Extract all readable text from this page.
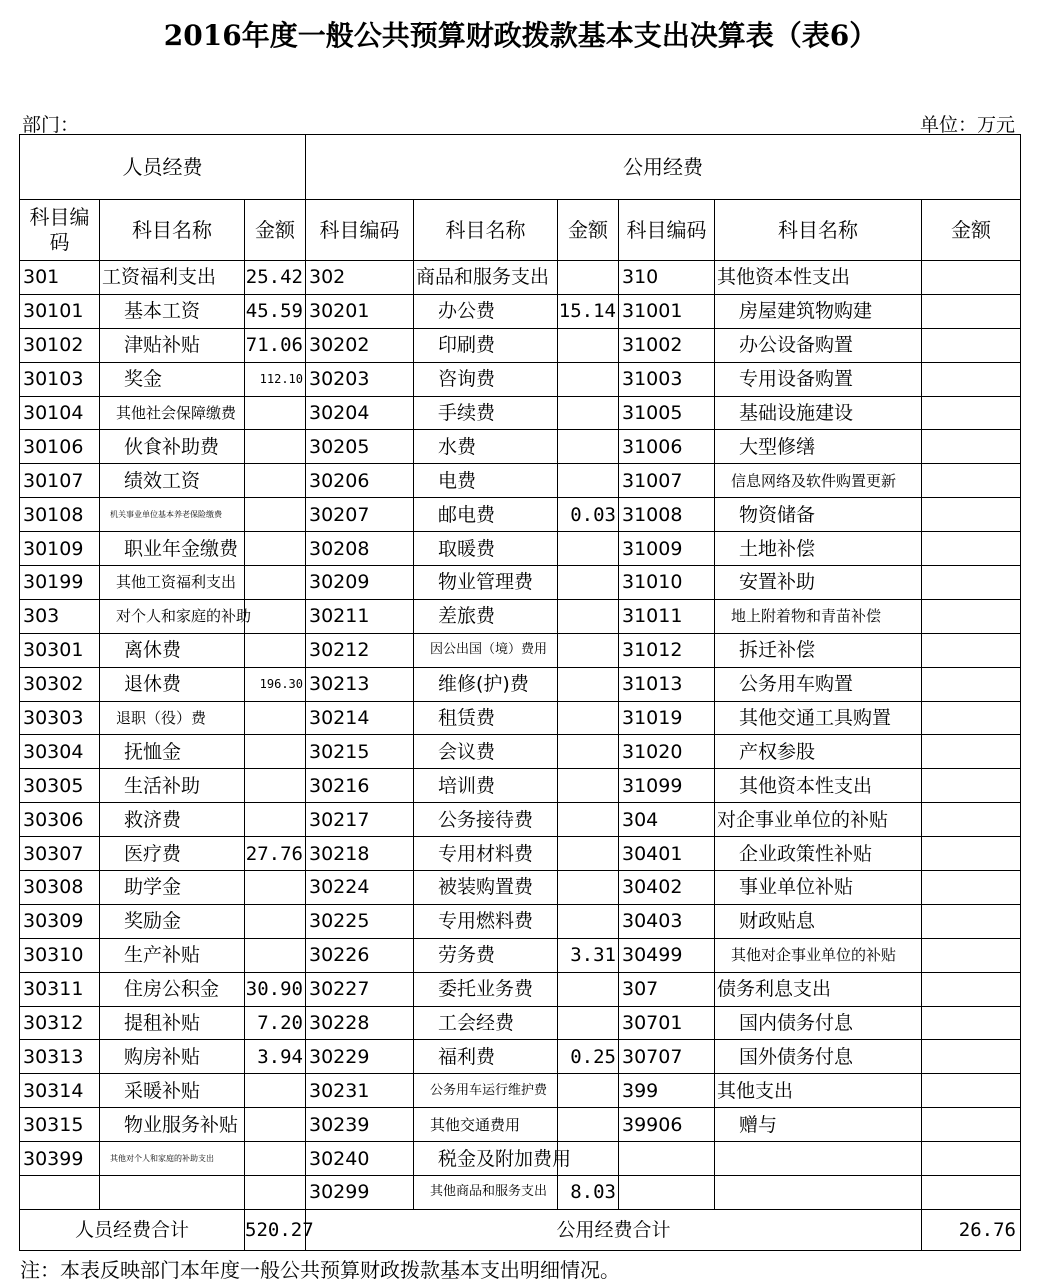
2016年度一般公共预算财政拨款基本支出决算表（表6）
部门：	单位：万元
人员经费			公用经费					
科目编码	科目名称	金额	科目编码	科目名称	金额	科目编码	科目名称	金额
301	工资福利支出	25.42	302	商品和服务支出		310	其他资本性支出	
30101	基本工资	45.59	30201	办公费	15.14	31001	房屋建筑物购建	
30102	津贴补贴	71.06	30202	印刷费		31002	办公设备购置	
30103	奖金	112.10	30203	咨询费		31003	专用设备购置	
30104	其他社会保障缴费		30204	手续费		31005	基础设施建设	
30106	伙食补助费		30205	水费		31006	大型修缮	
30107	绩效工资		30206	电费		31007	信息网络及软件购置更新	
30108	机关事业单位基本养老保险缴费		30207	邮电费	0.03	31008	物资储备	
30109	职业年金缴费		30208	取暖费		31009	土地补偿	
30199	其他工资福利支出		30209	物业管理费		31010	安置补助	
303	对个人和家庭的补助		30211	差旅费		31011	地上附着物和青苗补偿	
30301	离休费		30212	因公出国（境）费用		31012	拆迁补偿	
30302	退休费	196.30	30213	维修(护)费		31013	公务用车购置	
30303	退职（役）费		30214	租赁费		31019	其他交通工具购置	
30304	抚恤金		30215	会议费		31020	产权参股	
30305	生活补助		30216	培训费		31099	其他资本性支出	
30306	救济费		30217	公务接待费		304	对企事业单位的补贴	
30307	医疗费	27.76	30218	专用材料费		30401	企业政策性补贴	
30308	助学金		30224	被装购置费		30402	事业单位补贴	
30309	奖励金		30225	专用燃料费		30403	财政贴息	
30310	生产补贴		30226	劳务费	3.31	30499	其他对企事业单位的补贴	
30311	住房公积金	30.90	30227	委托业务费		307	债务利息支出	
30312	提租补贴	7.20	30228	工会经费		30701	国内债务付息	
30313	购房补贴	3.94	30229	福利费	0.25	30707	国外债务付息	
30314	采暖补贴		30231	公务用车运行维护费		399	其他支出	
30315	物业服务补贴		30239	其他交通费用		39906	赠与	
30399	其他对个人和家庭的补助支出		30240	税金及附加费用				
			30299	其他商品和服务支出	8.03			
人员经费合计		520.27	公用经费合计					26.76
注：本表反映部门本年度一般公共预算财政拨款基本支出明细情况。
